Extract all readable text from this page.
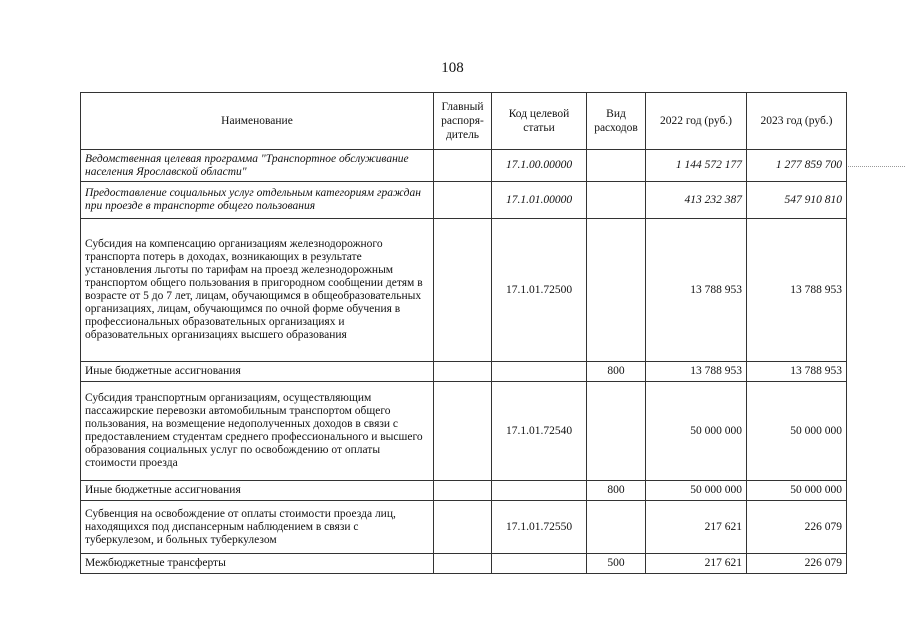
108
Наименование	Главный распоря-дитель	Код целевой статьи	Вид расходов	2022 год (руб.)	2023 год (руб.)
Ведомственная целевая программа "Транспортное обслуживание населения Ярославской области"		17.1.00.00000		1 144 572 177	1 277 859 700
Предоставление социальных услуг отдельным категориям граждан при проезде в транспорте общего пользования		17.1.01.00000		413 232 387	547 910 810
Субсидия на компенсацию организациям железнодорожного транспорта потерь в доходах, возникающих в результате установления льготы по тарифам на проезд железнодорожным транспортом общего пользования в пригородном сообщении детям в возрасте от 5 до 7 лет, лицам, обучающимся в общеобразовательных организациях, лицам, обучающимся по очной форме обучения в профессиональных образовательных организациях и образовательных организациях высшего образования		17.1.01.72500		13 788 953	13 788 953
Иные бюджетные ассигнования			800	13 788 953	13 788 953
Субсидия транспортным организациям, осуществляющим пассажирские перевозки автомобильным транспортом общего пользования, на возмещение недополученных доходов в связи с предоставлением студентам среднего профессионального и высшего образования социальных услуг по освобождению от оплаты стоимости проезда		17.1.01.72540		50 000 000	50 000 000
Иные бюджетные ассигнования			800	50 000 000	50 000 000
Субвенция на освобождение от оплаты стоимости проезда лиц, находящихся под диспансерным наблюдением в связи с туберкулезом, и больных туберкулезом		17.1.01.72550		217 621	226 079
Межбюджетные трансферты			500	217 621	226 079
